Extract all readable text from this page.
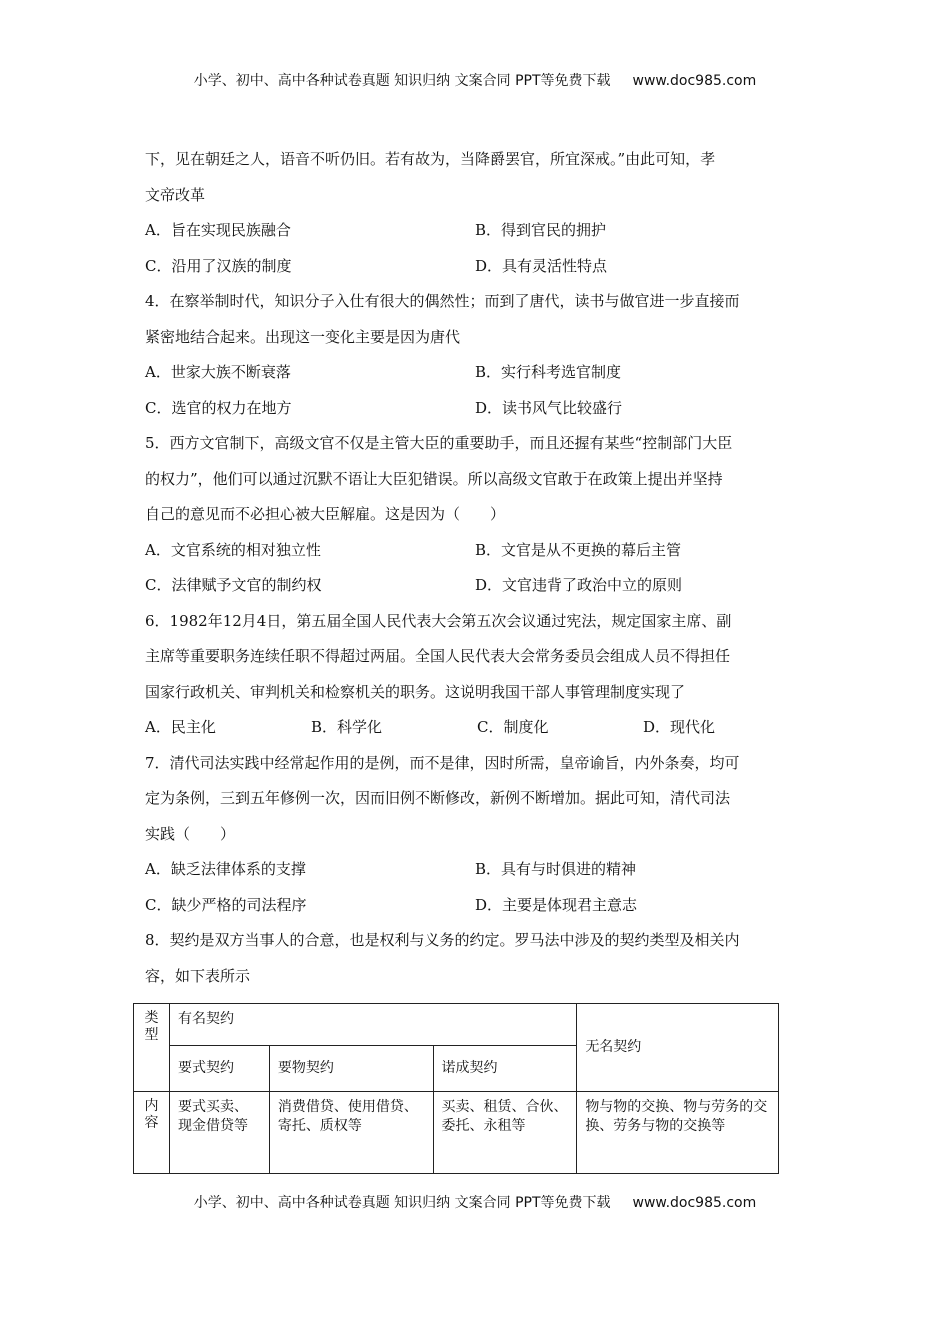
小学、初中、高中各种试卷真题 知识归纳 文案合同 PPT等免费下载 www.doc985.com
下，见在朝廷之人，语音不听仍旧。若有故为，当降爵罢官，所宜深戒。”由此可知，孝
文帝改革
A．旨在实现民族融合	B．得到官民的拥护
C．沿用了汉族的制度	D．具有灵活性特点
4．在察举制时代，知识分子入仕有很大的偶然性；而到了唐代，读书与做官进一步直接而
紧密地结合起来。出现这一变化主要是因为唐代
A．世家大族不断衰落	B．实行科考选官制度
C．选官的权力在地方	D．读书风气比较盛行
5．西方文官制下，高级文官不仅是主管大臣的重要助手，而且还握有某些“控制部门大臣
的权力”，他们可以通过沉默不语让大臣犯错误。所以高级文官敢于在政策上提出并坚持
自己的意见而不必担心被大臣解雇。这是因为（　　）
A．文官系统的相对独立性	B．文官是从不更换的幕后主管
C．法律赋予文官的制约权	D．文官违背了政治中立的原则
6．1982年12月4日，第五届全国人民代表大会第五次会议通过宪法，规定国家主席、副
主席等重要职务连续任职不得超过两届。全国人民代表大会常务委员会组成人员不得担任
国家行政机关、审判机关和检察机关的职务。这说明我国干部人事管理制度实现了
A．民主化	B．科学化	C．制度化	D．现代化
7．清代司法实践中经常起作用的是例，而不是律，因时所需，皇帝谕旨，内外条奏，均可
定为条例，三到五年修例一次，因而旧例不断修改，新例不断增加。据此可知，清代司法
实践（　　）
A．缺乏法律体系的支撑	B．具有与时俱进的精神
C．缺少严格的司法程序	D．主要是体现君主意志
8．契约是双方当事人的合意，也是权利与义务的约定。罗马法中涉及的契约类型及相关内
容，如下表所示
类型	有名契约			无名契约
	要式契约	要物契约	诺成契约	

内容	要式买卖、现金借贷等	消费借贷、使用借贷、寄托、质权等	买卖、租赁、合伙、委托、永租等	物与物的交换、物与劳务的交换、劳务与物的交换等
小学、初中、高中各种试卷真题 知识归纳 文案合同 PPT等免费下载 www.doc985.com
